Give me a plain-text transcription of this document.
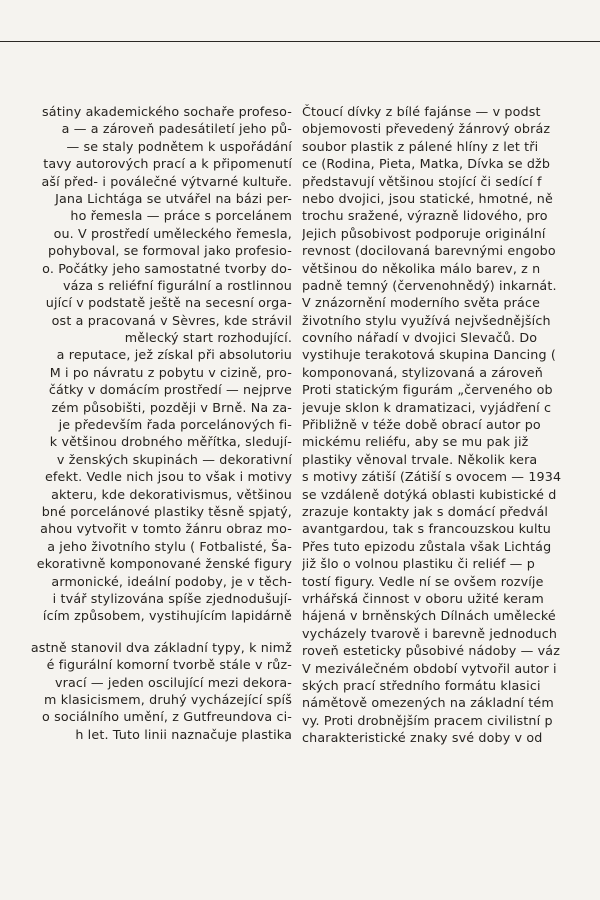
sátiny akademického sochaře profeso-
a — a zároveň padesátiletí jeho pů-
— se staly podnětem k uspořádání
tavy autorových prací a k připomenutí
aší před- i poválečné výtvarné kultuře.
Jana Lichtága se utvářel na bázi per-
ho řemesla — práce s porcelánem
ou. V prostředí uměleckého řemesla,
pohyboval, se formoval jako profesio-
o. Počátky jeho samostatné tvorby do-
váza s reliéfní figurální a rostlinnou
ující v podstatě ještě na secesní orga-
ost a pracovaná v Sèvres, kde strávil
mělecký start rozhodující.
a reputace, jež získal při absolutoriu
M i po návratu z pobytu v cizině, pro-
čátky v domácím prostředí — nejprve
zém působišti, později v Brně. Na za-
je především řada porcelánových fi-
k většinou drobného měřítka, sledují-
v ženských skupinách — dekorativní
efekt. Vedle nich jsou to však i motivy
akteru, kde dekorativismus, většinou
bné porcelánové plastiky těsně spjatý,
ahou vytvořit v tomto žánru obraz mo-
a jeho životního stylu ( Fotbalisté, Ša-
ekorativně komponované ženské figury
armonické, ideální podoby, je v těch-
i tvář stylizována spíše zjednodušují-
ícím způsobem, vystihujícím lapidárně
astně stanovil dva základní typy, k nimž
é figurální komorní tvorbě stále v růz-
vrací — jeden oscilující mezi dekora-
m klasicismem, druhý vycházející spíš
o sociálního umění, z Gutfreundova ci-
h let. Tuto linii naznačuje plastika
Čtoucí dívky z bílé fajánse — v podst
objemovosti převedený žánrový obráz
soubor plastik z pálené hlíny z let tři
ce (Rodina, Pieta, Matka, Dívka se džb
představují většinou stojící či sedící f
nebo dvojici, jsou statické, hmotné, ně
trochu sražené, výrazně lidového, pro
Jejich působivost podporuje originální
revnost (docilovaná barevnými engobo
většinou do několika málo barev, z n
padně temný (červenohnědý) inkarnát.
V znázornění moderního světa práce
životního stylu využívá nejvšednějších
covního nářadí v dvojici Slevačů. Do
vystihuje terakotová skupina Dancing (
komponovaná, stylizovaná a zároveň
Proti statickým figurám „červeného ob
jevuje sklon k dramatizaci, vyjádření c
Přibližně v téže době obrací autor po
mickému reliéfu, aby se mu pak již
plastiky věnoval trvale. Několik kera
s motivy zátiší (Zátiší s ovocem — 1934
se vzdáleně dotýká oblasti kubistické d
zrazuje kontakty jak s domácí předvál
avantgardou, tak s francouzskou kultu
Přes tuto epizodu zůstala však Lichtág
již šlo o volnou plastiku či reliéf — p
tostí figury. Vedle ní se ovšem rozvíje
vrhářská činnost v oboru užité keram
hájená v brněnských Dílnách umělecké
vycházely tvarově i barevně jednoduch
roveň esteticky působivé nádoby — váz
V meziválečném období vytvořil autor i
ských prací středního formátu klasici
námětově omezených na základní tém
vy. Proti drobnějším pracem civilistní p
charakteristické znaky své doby v od
